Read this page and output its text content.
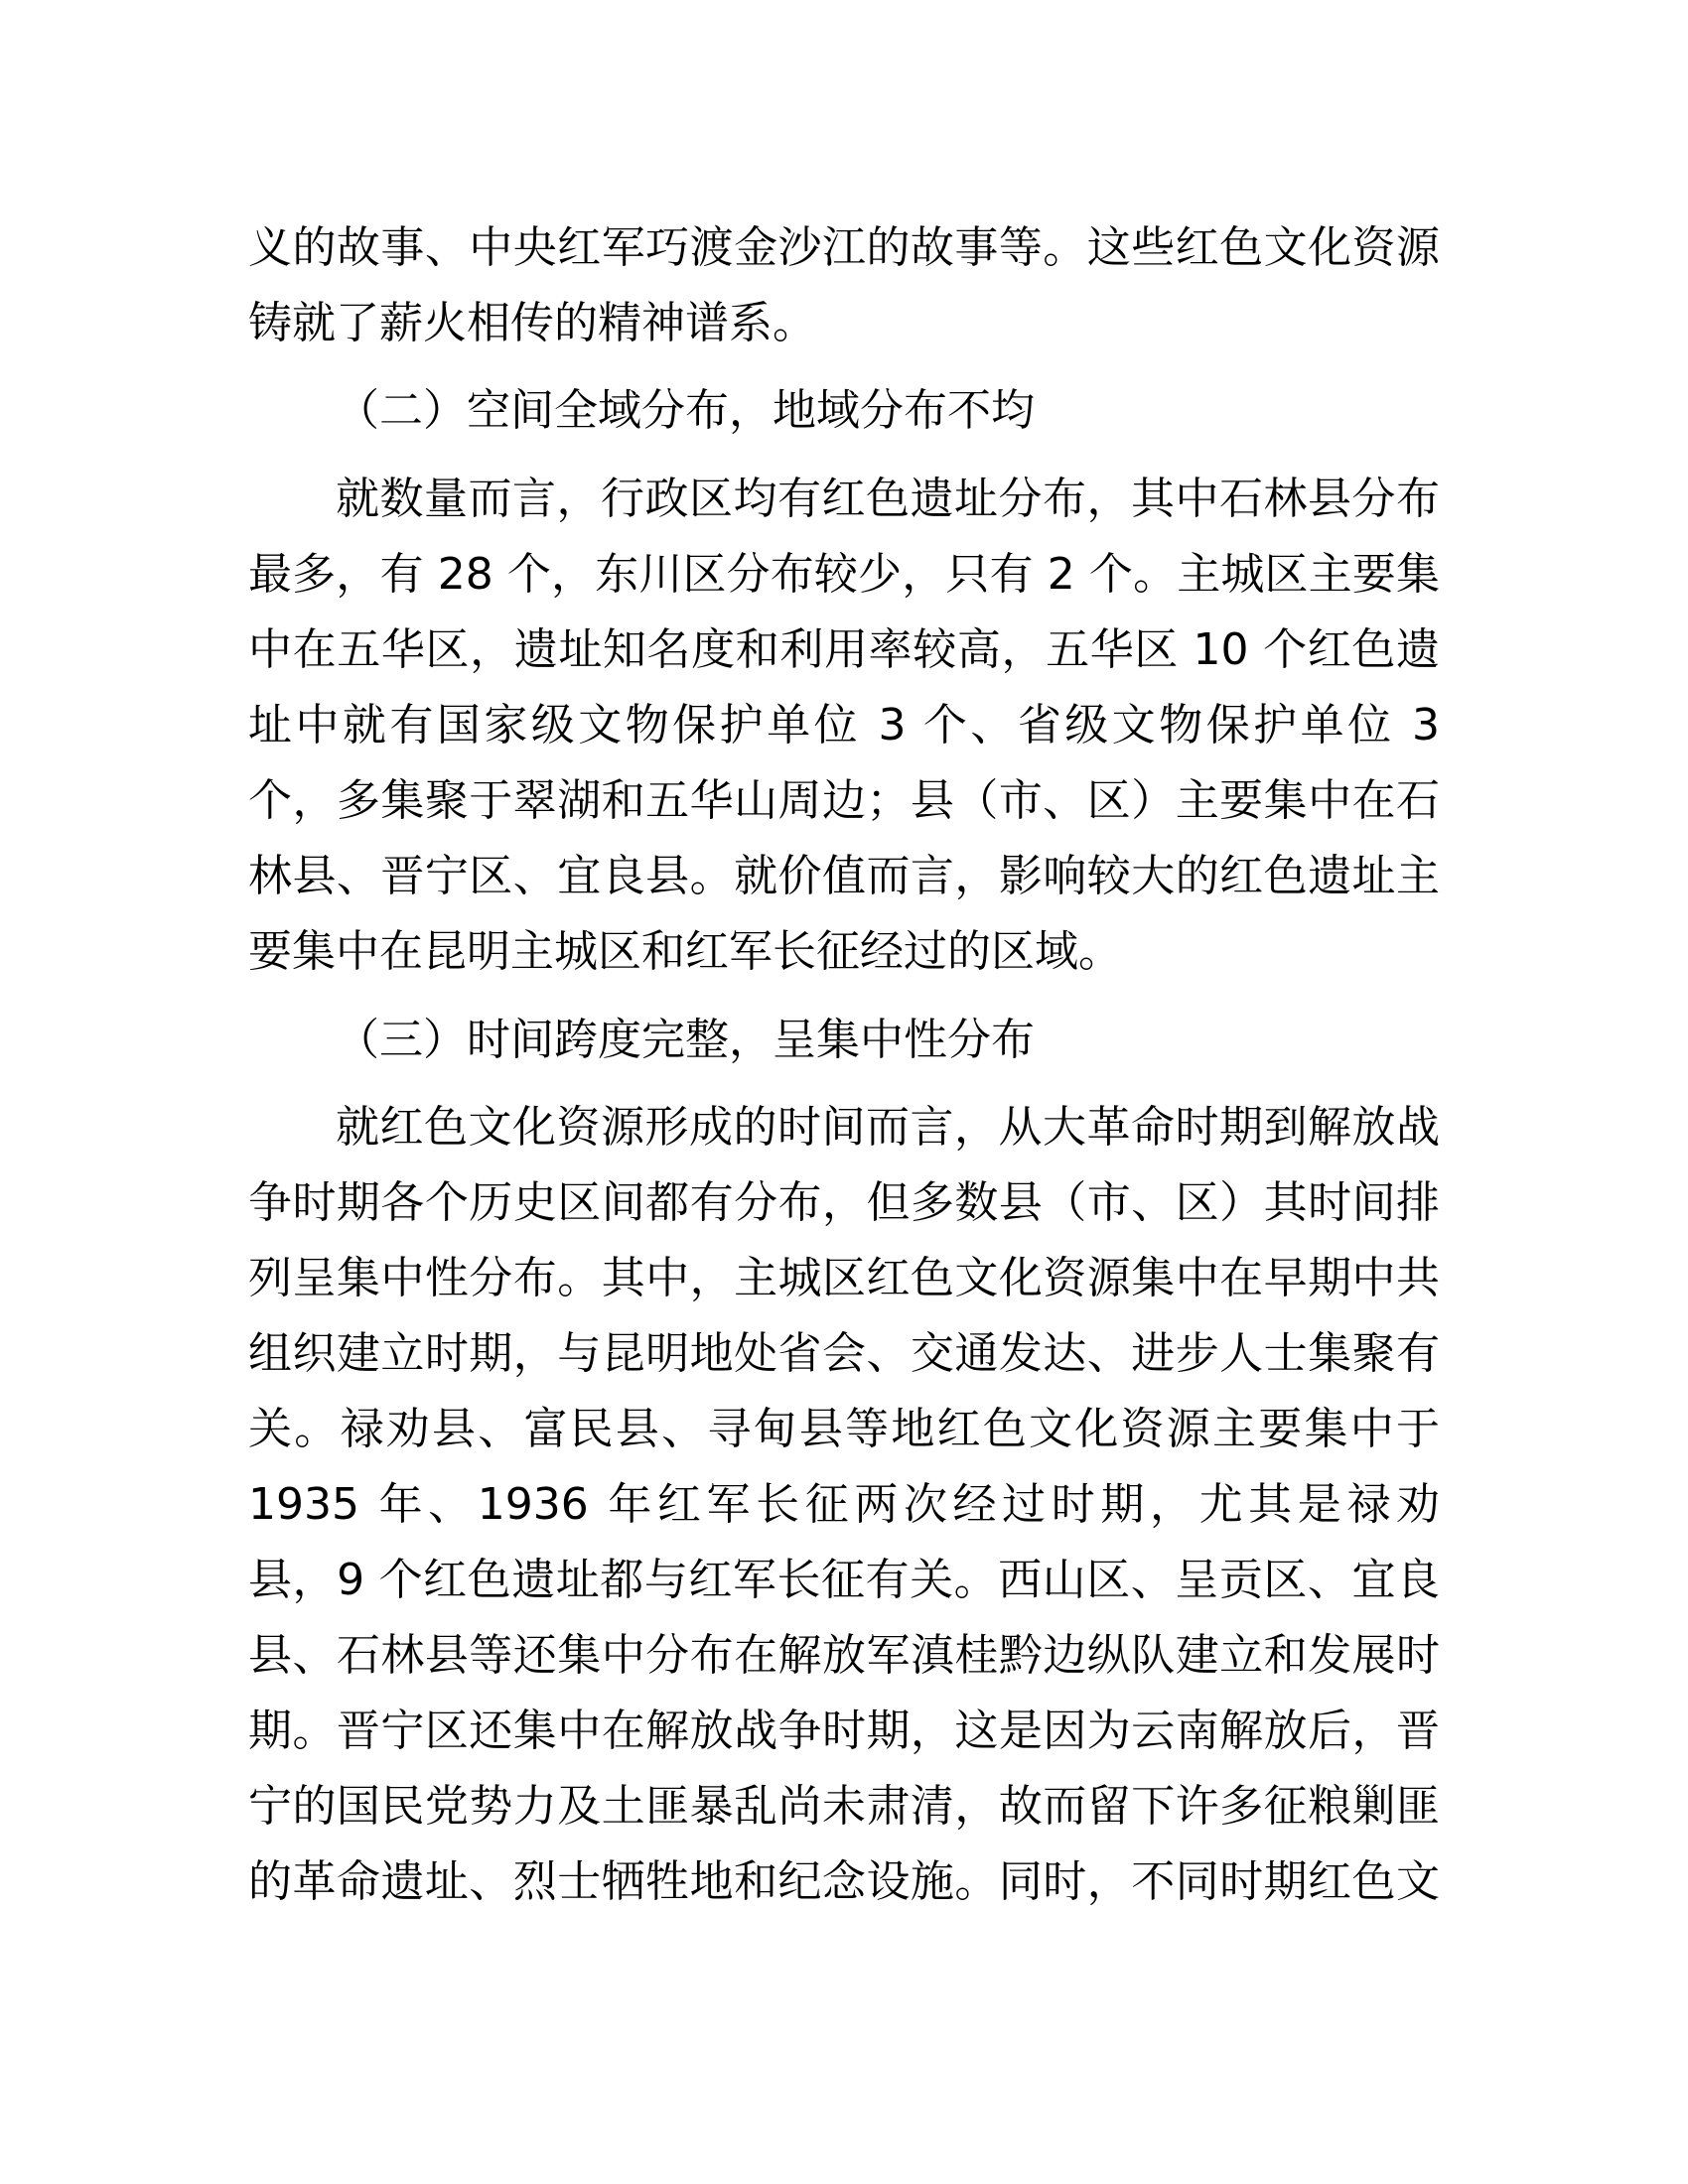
义的故事、中央红军巧渡金沙江的故事等。这些红色文化资源
铸就了薪火相传的精神谱系。
（二）空间全域分布，地域分布不均
就数量而言，行政区均有红色遗址分布，其中石林县分布
最多，有 28 个，东川区分布较少，只有 2 个。主城区主要集
中在五华区，遗址知名度和利用率较高，五华区 10 个红色遗
址中就有国家级文物保护单位 3 个、省级文物保护单位 3
个，多集聚于翠湖和五华山周边；县（市、区）主要集中在石
林县、晋宁区、宜良县。就价值而言，影响较大的红色遗址主
要集中在昆明主城区和红军长征经过的区域。
（三）时间跨度完整，呈集中性分布
就红色文化资源形成的时间而言，从大革命时期到解放战
争时期各个历史区间都有分布，但多数县（市、区）其时间排
列呈集中性分布。其中，主城区红色文化资源集中在早期中共
组织建立时期，与昆明地处省会、交通发达、进步人士集聚有
关。禄劝县、富民县、寻甸县等地红色文化资源主要集中于
1935 年、1936 年红军长征两次经过时期，尤其是禄劝
县，9 个红色遗址都与红军长征有关。西山区、呈贡区、宜良
县、石林县等还集中分布在解放军滇桂黔边纵队建立和发展时
期。晋宁区还集中在解放战争时期，这是因为云南解放后，晋
宁的国民党势力及土匪暴乱尚未肃清，故而留下许多征粮剿匪
的革命遗址、烈士牺牲地和纪念设施。同时，不同时期红色文
